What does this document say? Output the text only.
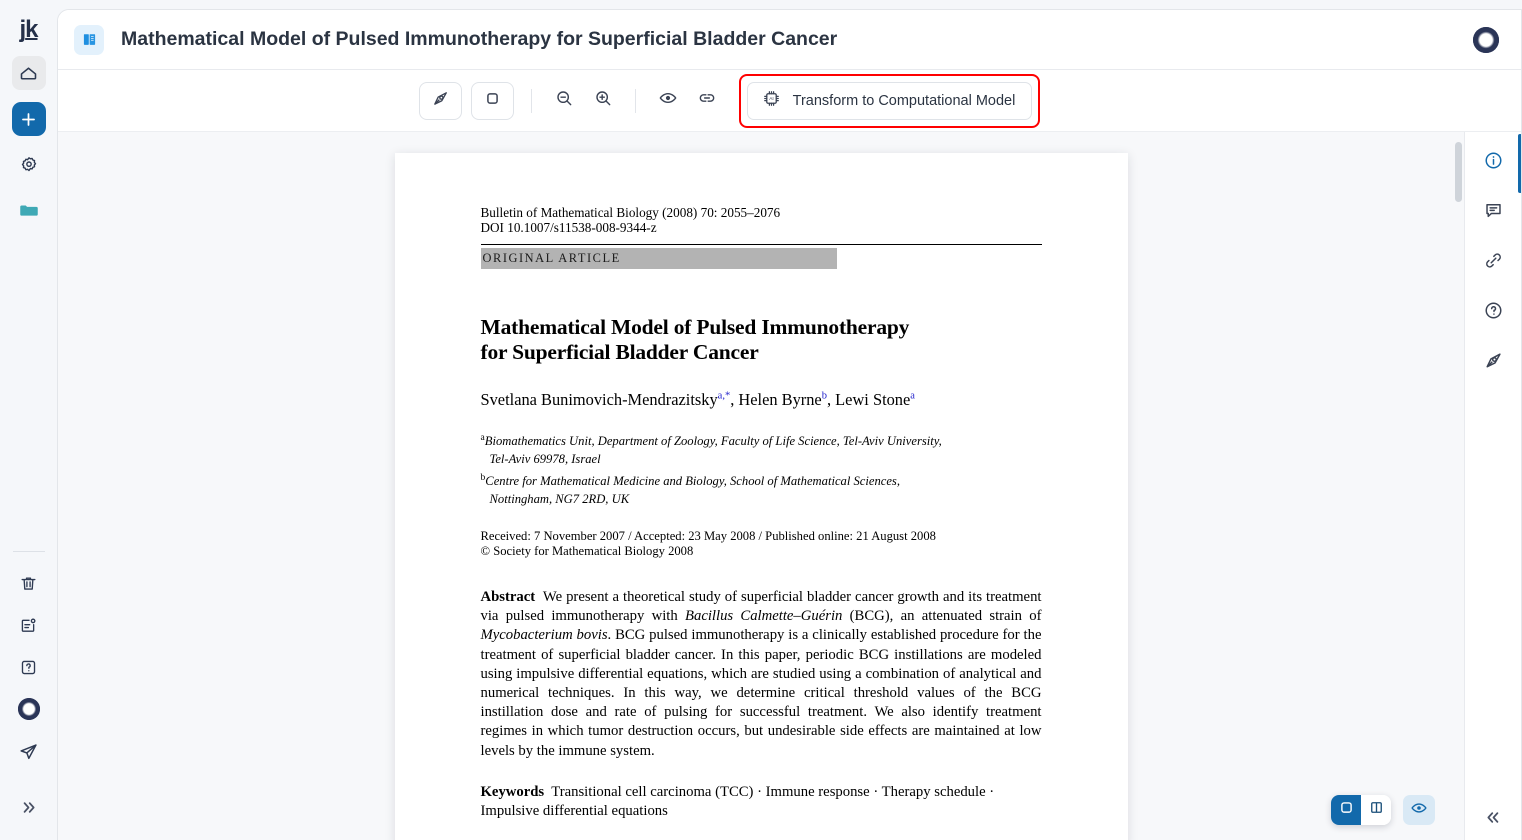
jk	Mathematical Model of Pulsed Immunotherapy for Superficial Bladder Cancer
AI Transform to Computational Model
Bulletin of Mathematical Biology (2008) 70: 2055–2076
DOI 10.1007/s11538-008-9344-z
ORIGINAL ARTICLE
Mathematical Model of Pulsed Immunotherapy
for Superficial Bladder Cancer
Svetlana Bunimovich-Mendrazitsky$^{a,*}$, Helen Byrne$^b$, Lewi Stone$^a$
$^a$Biomathematics Unit, Department of Zoology, Faculty of Life Science, Tel-Aviv University,
Tel-Aviv 69978, Israel
$^b$Centre for Mathematical Medicine and Biology, School of Mathematical Sciences,
Nottingham, NG7 2RD, UK
Received: 7 November 2007 / Accepted: 23 May 2008 / Published online: 21 August 2008
© Society for Mathematical Biology 2008
Abstract We present a theoretical study of superficial bladder cancer growth and its treatment via pulsed immunotherapy with Bacillus Calmette–Guérin (BCG), an attenuated strain of Mycobacterium bovis. BCG pulsed immunotherapy is a clinically established procedure for the treatment of superficial bladder cancer. In this paper, periodic BCG instillations are modeled using impulsive differential equations, which are studied using a combination of analytical and numerical techniques. In this way, we determine critical threshold values of the BCG instillation dose and rate of pulsing for successful treatment. We also identify treatment regimes in which tumor destruction occurs, but undesirable side effects are maintained at low levels by the immune system.
Keywords Transitional cell carcinoma (TCC) · Immune response · Therapy schedule · Impulsive differential equations
